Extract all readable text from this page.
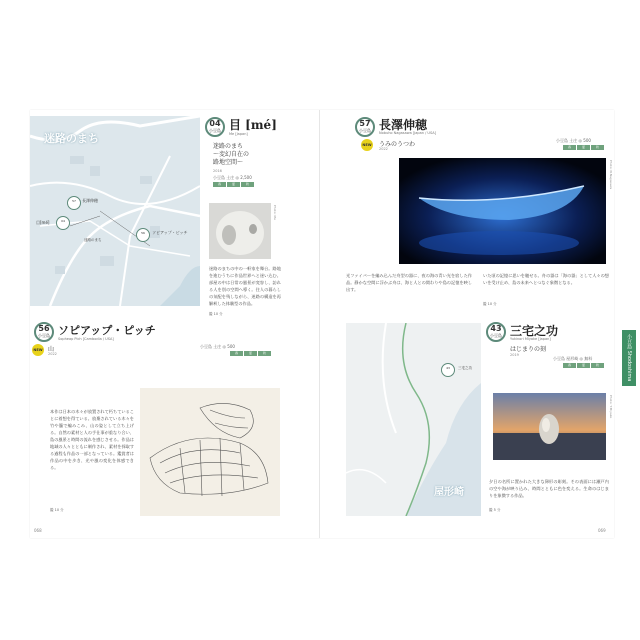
迷路のまち
57	長澤伸穂
04
目[mé]
迷路のまち
56	ソピアップ・ピッチ
04
小豆島 目 [mé]
Me [Japan]
迷路のまち
〜変幻自在の
路地空間〜
2016
小豆島 土庄 ◎ 2,500
春	夏	秋
Photo: Me
迷路のまちの中の一軒家を舞台。路地を進むうちに作品世界へと迷い込む。部屋の中は日常の風景が変容し、訪れる人を別の空間へ導く。住人の暮らしの気配を残しながら、迷路の構造を再解釈した体験型の作品。
鑑 10 分
56
小豆島 ソピアップ・ピッチ
Sopheap Pich [Cambodia / USA]
NEW 山
2022
小豆島 土庄 ◎ 500
春	夏	秋
本作は日本の木々が放置されて朽ちていることに着想を得ている。放棄されている木々を竹や籐で編みこみ、山の姿として立ち上げる。自然の素材と人の手仕事が重なり合い、島の風景と時間の流れを感じさせる。作品は地域の人々とともに制作され、素材を採取する過程も作品の一部となっている。鑑賞者は作品の中を歩き、光や風の変化を体感できる。
鑑 10 分
068
57
小豆島 長澤伸穂
Nobuho Nagasawa [Japan / USA]
NEW うみのうつわ
2022
小豆島 土庄 ◎ 500
春	夏	秋
Photo: N.Nagasawa
光ファイバーを編み込んだ舟型の器に、夜の海の青い光を宿した作品。静かな空間に浮かぶ舟は、海と人との関わりや島の記憶を映し出す。
いた頃の記憶に思いを馳せる。舟の器は「海の器」として人々の想いを受け止め、島の未来へとつなぐ象徴となる。
鑑 10 分
43	三宅之功
屋形崎
43
小豆島 三宅之功
Yukinori Miyake [Japan]
はじまりの刻
2019
小豆島 屋形崎 ◎ 無料
春	夏	秋
Photo: Y.Miyake
夕日の名所に置かれた大きな卵形の彫刻。その表面には瀬戸内の空や海が映り込み、時間とともに色を変える。生命のはじまりを象徴する作品。
鑑 5 分
小豆島 Shodoshima
069
